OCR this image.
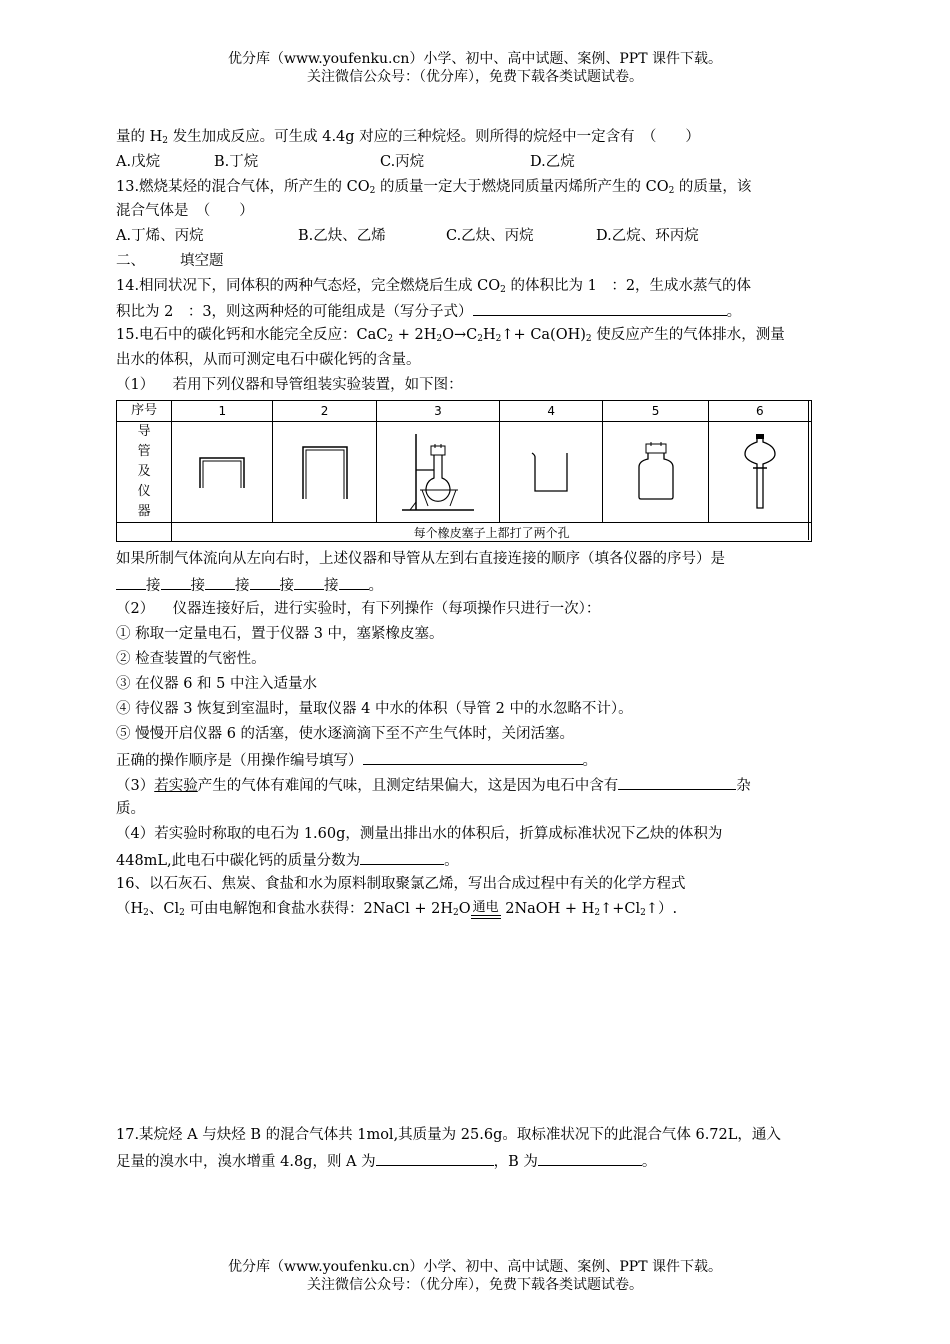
优分库（www.youfenku.cn）小学、初中、高中试题、案例、PPT 课件下载。
关注微信公众号：（优分库），免费下载各类试题试卷。
量的 $H_2$ 发生加成反应。可生成 4.4g 对应的三种烷烃。则所得的烷烃中一定含有　（　　）
A.戊烷	B.丁烷	C.丙烷	D.乙烷
13.燃烧某烃的混合气体，所产生的 $CO_2$ 的质量一定大于燃烧同质量丙烯所产生的 $CO_2$ 的质量，该
混合气体是　（　　）
A.丁烯、丙烷	B.乙炔、乙烯	C.乙炔、丙烷	D.乙烷、环丙烷
二、 填空题
14.相同状况下，同体积的两种气态烃，完全燃烧后生成 $CO_2$ 的体积比为 1　：2，生成水蒸气的体
积比为 2　：3，则这两种烃的可能组成是（写分子式）	。
15.电石中的碳化钙和水能完全反应：$CaC_2 + 2H_2O\to C_2H_2↑+ Ca(OH)_2$ 使反应产生的气体排水，测量
出水的体积，从而可测定电石中碳化钙的含量。
（1） 若用下列仪器和导管组装实验装置，如下图：
序号	1	2	3	4	5	6

导
管
及
仪
器

	每个橡皮塞子上都打了两个孔					
如果所制气体流向从左向右时，上述仪器和导管从左到右直接连接的顺序（填各仪器的序号）是
接 接 接 接 接 。
（2） 仪器连接好后，进行实验时，有下列操作（每项操作只进行一次）：
① 称取一定量电石，置于仪器 3 中，塞紧橡皮塞。
② 检查装置的气密性。
③ 在仪器 6 和 5 中注入适量水
④ 待仪器 3 恢复到室温时，量取仪器 4 中水的体积（导管 2 中的水忽略不计）。
⑤ 慢慢开启仪器 6 的活塞，使水逐滴滴下至不产生气体时，关闭活塞。
正确的操作顺序是（用操作编号填写）	。
（3）若实验产生的气体有难闻的气味，且测定结果偏大，这是因为电石中含有	杂
质。
（4）若实验时称取的电石为 1.60g，测量出排出水的体积后，折算成标准状况下乙炔的体积为
448mL,此电石中碳化钙的质量分数为	。
16、以石灰石、焦炭、食盐和水为原料制取聚氯乙烯，写出合成过程中有关的化学方程式
（$H_2$、$Cl_2$ 可由电解饱和食盐水获得：2NaCl + $2H_2O$ 通电
2NaOH + $H_2↑+Cl_2↑$）.
17.某烷烃 A 与炔烃 B 的混合气体共 1mol,其质量为 25.6g。取标准状况下的此混合气体 6.72L，通入
足量的溴水中，溴水增重 4.8g，则 A 为	，B 为	。
优分库（www.youfenku.cn）小学、初中、高中试题、案例、PPT 课件下载。
关注微信公众号：（优分库），免费下载各类试题试卷。
